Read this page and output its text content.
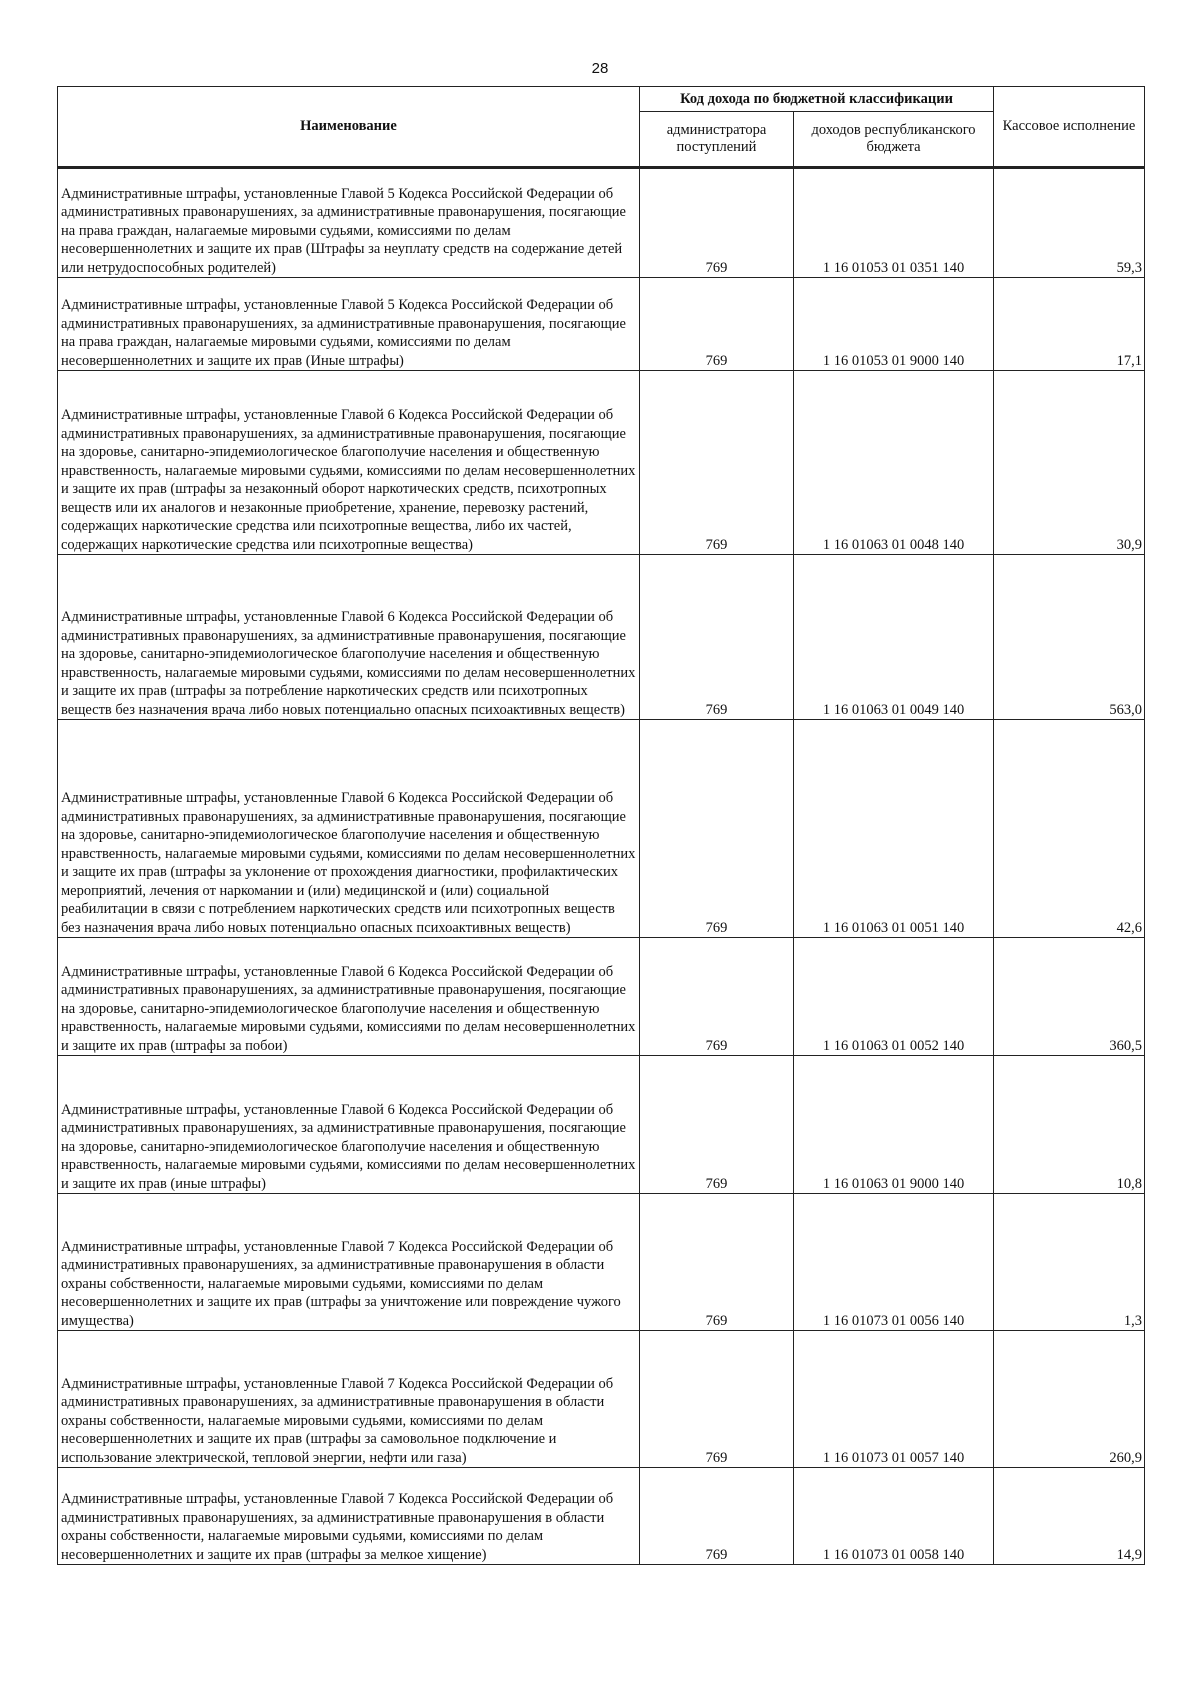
28
Наименование	Код дохода по бюджетной классификации		Кассовое исполнение
	администратора поступлений	доходов республиканского бюджета	
Административные штрафы, установленные Главой 5 Кодекса Российской Федерации об административных правонарушениях, за административные правонарушения, посягающие на права граждан, налагаемые мировыми судьями, комиссиями по делам несовершеннолетних и защите их прав (Штрафы за неуплату средств на содержание детей или нетрудоспособных родителей)	769	1 16 01053 01 0351 140	59,3
Административные штрафы, установленные Главой 5 Кодекса Российской Федерации об административных правонарушениях, за административные правонарушения, посягающие на права граждан, налагаемые мировыми судьями, комиссиями по делам несовершеннолетних и защите их прав (Иные штрафы)	769	1 16 01053 01 9000 140	17,1
Административные штрафы, установленные Главой 6 Кодекса Российской Федерации об административных правонарушениях, за административные правонарушения, посягающие на здоровье, санитарно-эпидемиологическое благополучие населения и общественную нравственность, налагаемые мировыми судьями, комиссиями по делам несовершеннолетних и защите их прав (штрафы за незаконный оборот наркотических средств, психотропных веществ или их аналогов и незаконные приобретение, хранение, перевозку растений, содержащих наркотические средства или психотропные вещества, либо их частей, содержащих наркотические средства или психотропные вещества)	769	1 16 01063 01 0048 140	30,9
Административные штрафы, установленные Главой 6 Кодекса Российской Федерации об административных правонарушениях, за административные правонарушения, посягающие на здоровье, санитарно-эпидемиологическое благополучие населения и общественную нравственность, налагаемые мировыми судьями, комиссиями по делам несовершеннолетних и защите их прав (штрафы за потребление наркотических средств или психотропных веществ без назначения врача либо новых потенциально опасных психоактивных веществ)	769	1 16 01063 01 0049 140	563,0
Административные штрафы, установленные Главой 6 Кодекса Российской Федерации об административных правонарушениях, за административные правонарушения, посягающие на здоровье, санитарно-эпидемиологическое благополучие населения и общественную нравственность, налагаемые мировыми судьями, комиссиями по делам несовершеннолетних и защите их прав (штрафы за уклонение от прохождения диагностики, профилактических мероприятий, лечения от наркомании и (или) медицинской и (или) социальной реабилитации в связи с потреблением наркотических средств или психотропных веществ без назначения врача либо новых потенциально опасных психоактивных веществ)	769	1 16 01063 01 0051 140	42,6
Административные штрафы, установленные Главой 6 Кодекса Российской Федерации об административных правонарушениях, за административные правонарушения, посягающие на здоровье, санитарно-эпидемиологическое благополучие населения и общественную нравственность, налагаемые мировыми судьями, комиссиями по делам несовершеннолетних и защите их прав (штрафы за побои)	769	1 16 01063 01 0052 140	360,5
Административные штрафы, установленные Главой 6 Кодекса Российской Федерации об административных правонарушениях, за административные правонарушения, посягающие на здоровье, санитарно-эпидемиологическое благополучие населения и общественную нравственность, налагаемые мировыми судьями, комиссиями по делам несовершеннолетних и защите их прав (иные штрафы)	769	1 16 01063 01 9000 140	10,8
Административные штрафы, установленные Главой 7 Кодекса Российской Федерации об административных правонарушениях, за административные правонарушения в области охраны собственности, налагаемые мировыми судьями, комиссиями по делам несовершеннолетних и защите их прав (штрафы за уничтожение или повреждение чужого имущества)	769	1 16 01073 01 0056 140	1,3
Административные штрафы, установленные Главой 7 Кодекса Российской Федерации об административных правонарушениях, за административные правонарушения в области охраны собственности, налагаемые мировыми судьями, комиссиями по делам несовершеннолетних и защите их прав (штрафы за самовольное подключение и использование электрической, тепловой энергии, нефти или газа)	769	1 16 01073 01 0057 140	260,9
Административные штрафы, установленные Главой 7 Кодекса Российской Федерации об административных правонарушениях, за административные правонарушения в области охраны собственности, налагаемые мировыми судьями, комиссиями по делам несовершеннолетних и защите их прав (штрафы за мелкое хищение)	769	1 16 01073 01 0058 140	14,9
